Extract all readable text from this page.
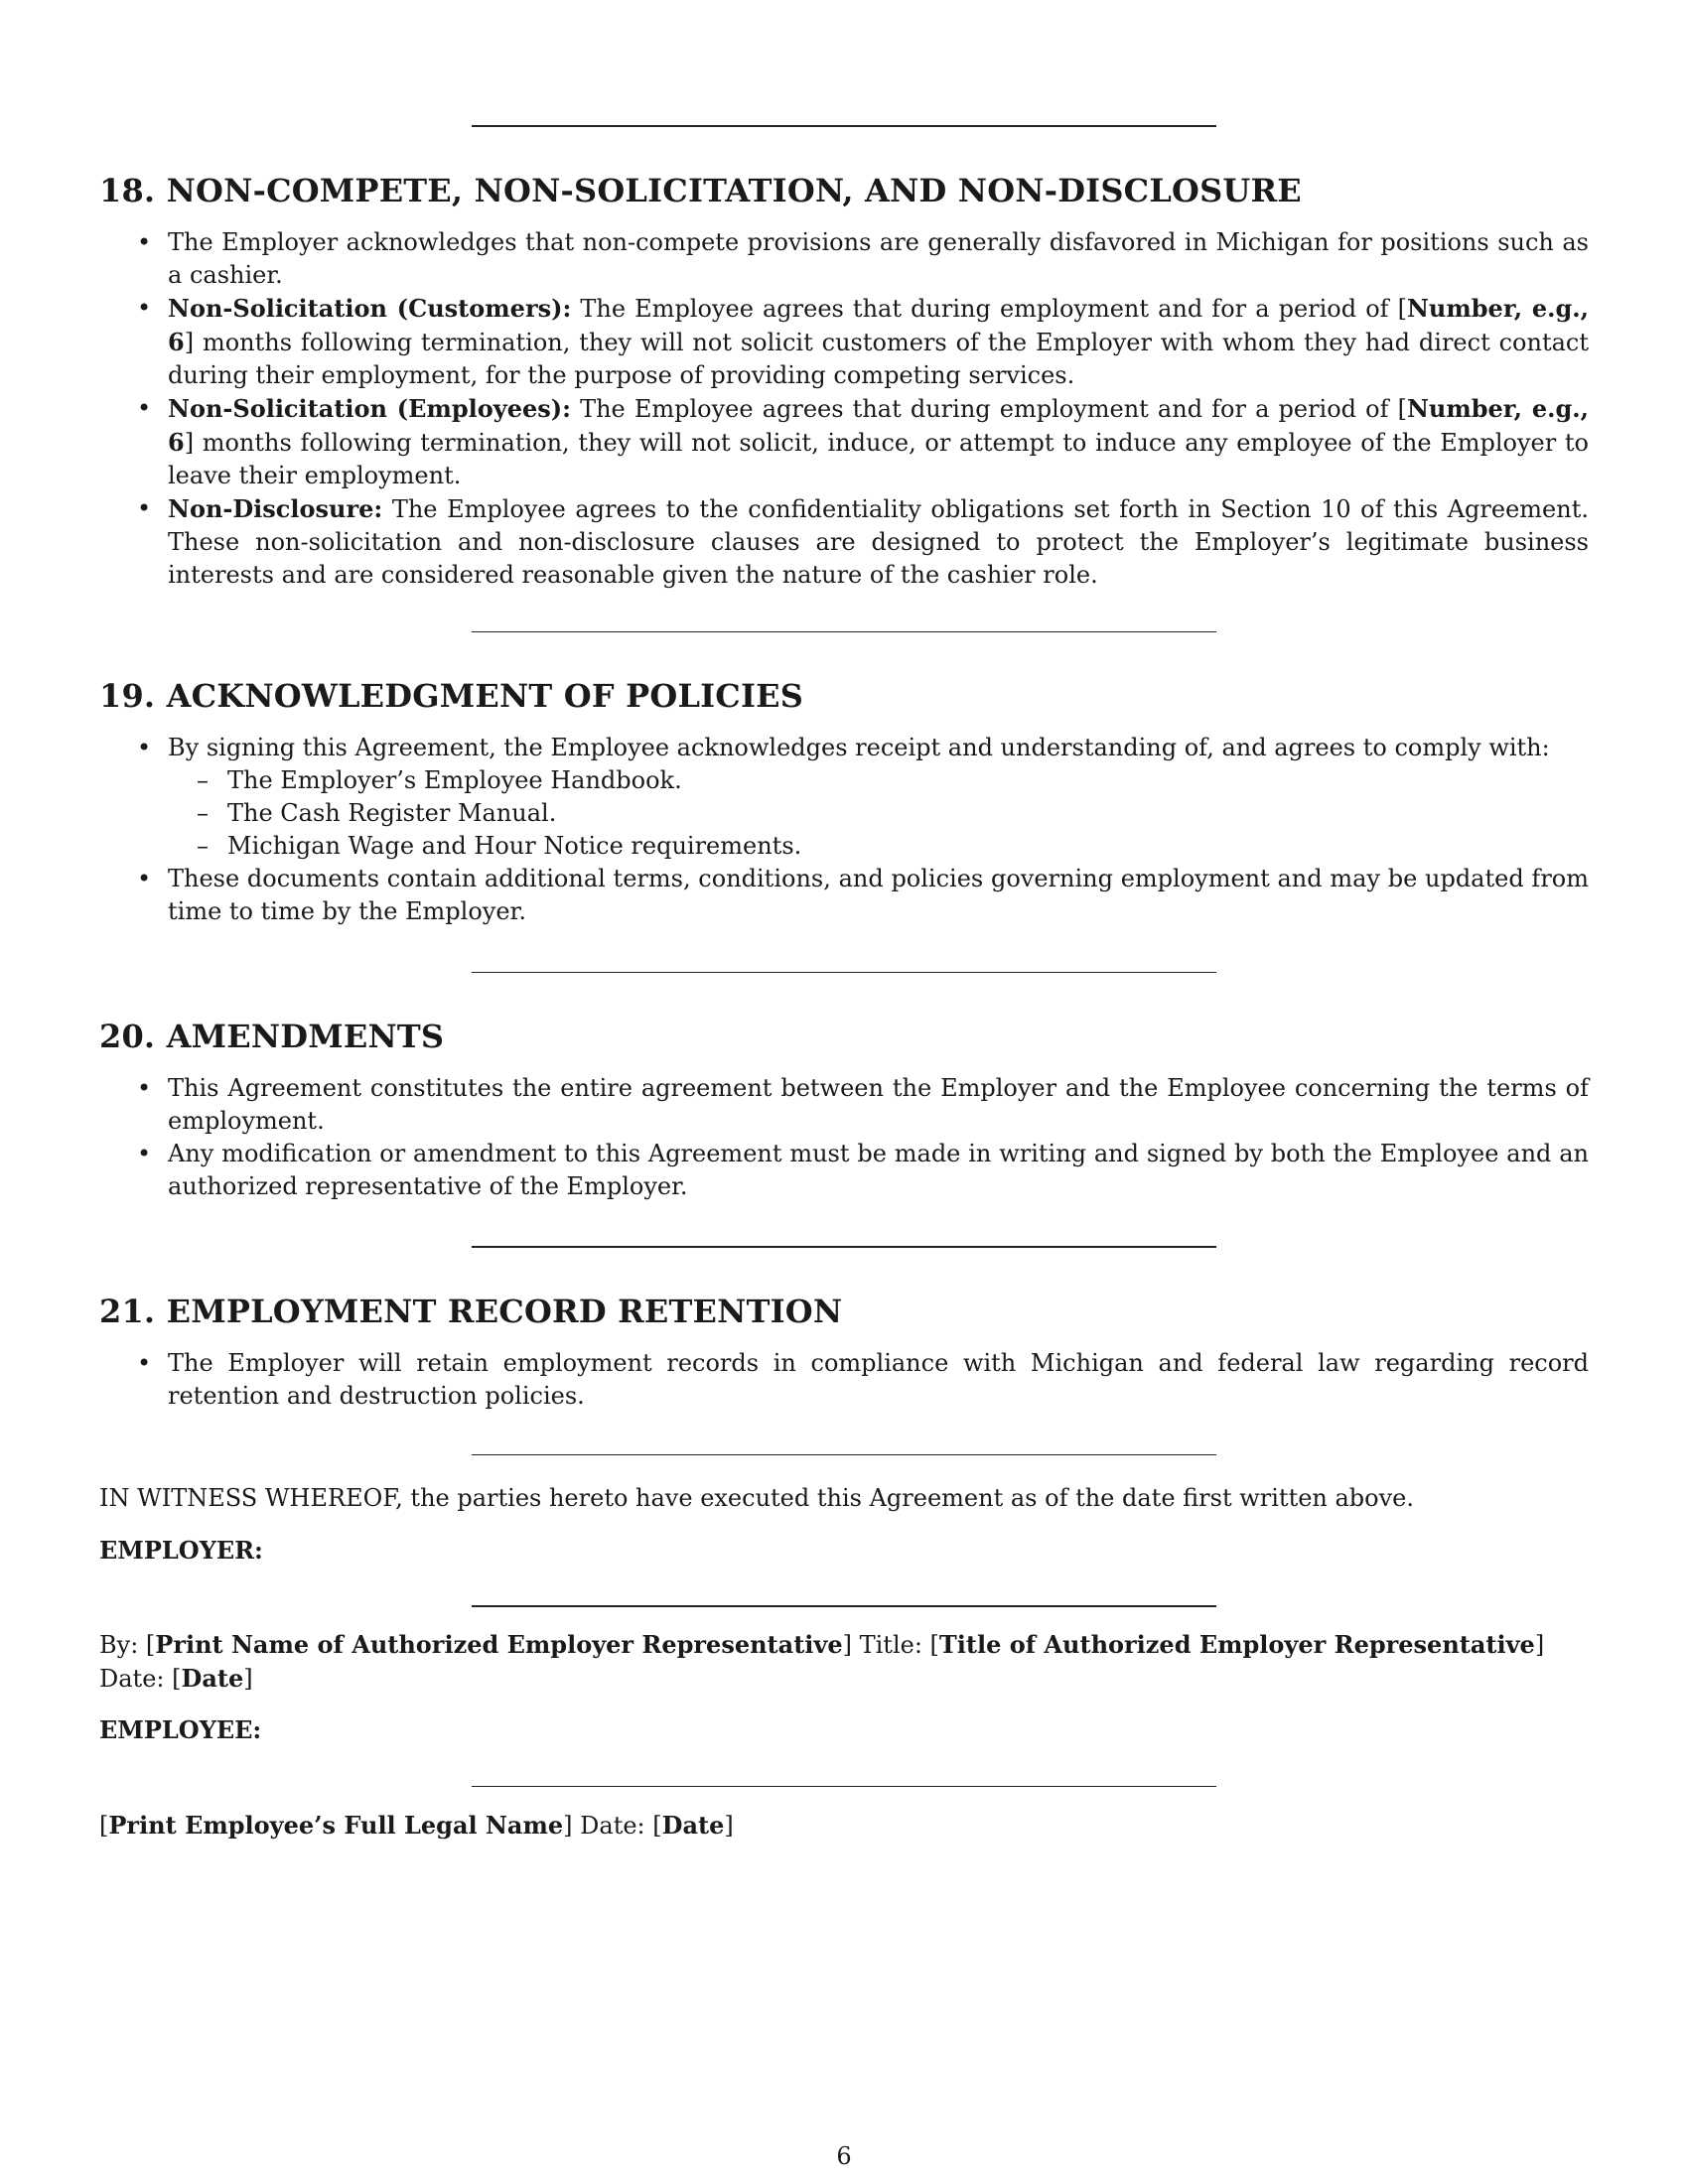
18. NON-COMPETE, NON-SOLICITATION, AND NON-DISCLOSURE
• The Employer acknowledges that non-compete provisions are generally disfavored in Michigan for positions such as a cashier.
• Non-Solicitation (Customers): The Employee agrees that during employment and for a period of [Number, e.g., 6] months following termination, they will not solicit customers of the Employer with whom they had direct contact during their employment, for the purpose of providing competing services.
• Non-Solicitation (Employees): The Employee agrees that during employment and for a period of [Number, e.g., 6] months following termination, they will not solicit, induce, or attempt to induce any employee of the Employer to leave their employment.
• Non-Disclosure: The Employee agrees to the confidentiality obligations set forth in Section 10 of this Agreement. These non-solicitation and non-disclosure clauses are designed to protect the Employer’s legitimate business interests and are considered reasonable given the nature of the cashier role.
19. ACKNOWLEDGMENT OF POLICIES
• By signing this Agreement, the Employee acknowledges receipt and understanding of, and agrees to comply with:
– The Employer’s Employee Handbook.
– The Cash Register Manual.
– Michigan Wage and Hour Notice requirements.
• These documents contain additional terms, conditions, and policies governing employment and may be updated from time to time by the Employer.
20. AMENDMENTS
• This Agreement constitutes the entire agreement between the Employer and the Employee concerning the terms of employment.
• Any modification or amendment to this Agreement must be made in writing and signed by both the Employee and an authorized representative of the Employer.
21. EMPLOYMENT RECORD RETENTION
• The Employer will retain employment records in compliance with Michigan and federal law regarding record retention and destruction policies.

IN WITNESS WHEREOF, the parties hereto have executed this Agreement as of the date first written above.

EMPLOYER:

By: [Print Name of Authorized Employer Representative] Title: [Title of Authorized Employer Representative]
Date: [Date]

EMPLOYEE:

[Print Employee’s Full Legal Name] Date: [Date]

6
